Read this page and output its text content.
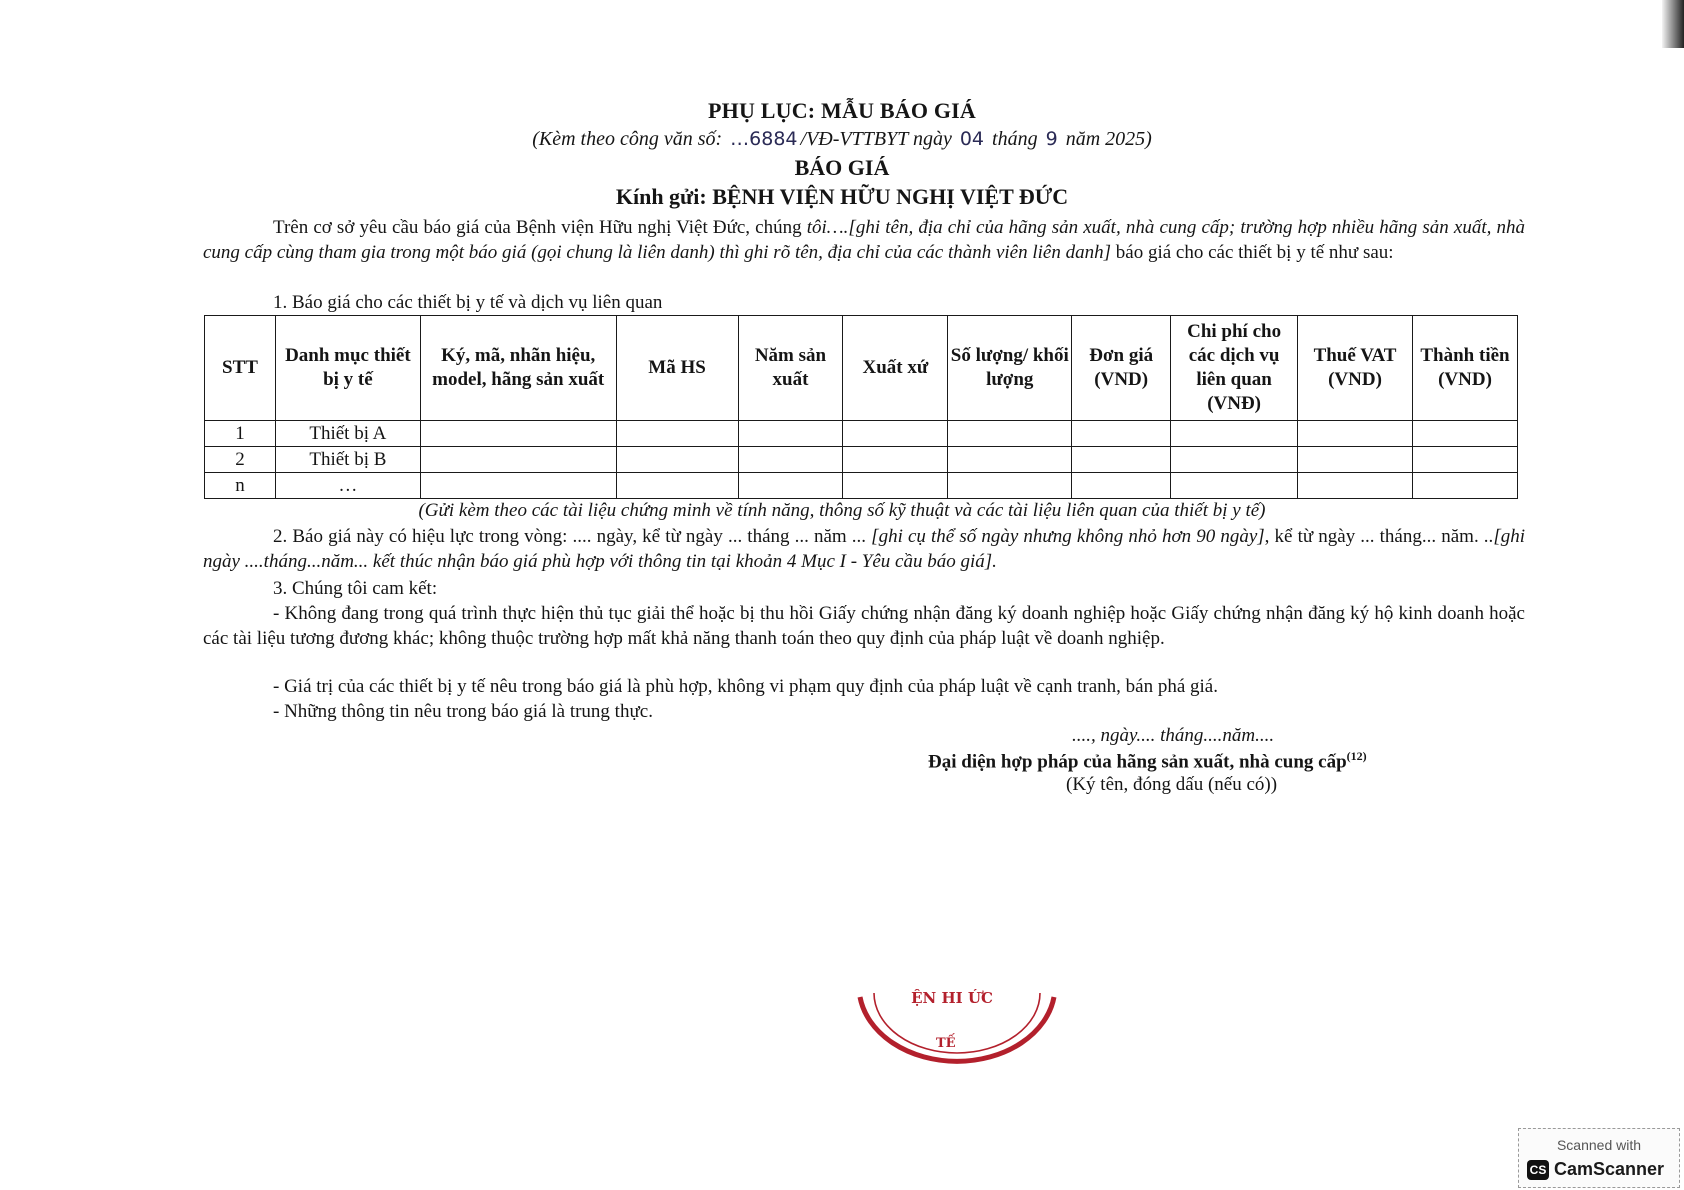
PHỤ LỤC: MẪU BÁO GIÁ
(Kèm theo công văn số: …6884 /VĐ-VTTBYT ngày 04 tháng 9 năm 2025)
BÁO GIÁ
Kính gửi: BỆNH VIỆN HỮU NGHỊ VIỆT ĐỨC
Trên cơ sở yêu cầu báo giá của Bệnh viện Hữu nghị Việt Đức, chúng tôi….[ghi tên, địa chỉ của hãng sản xuất, nhà cung cấp; trường hợp nhiều hãng sản xuất, nhà cung cấp cùng tham gia trong một báo giá (gọi chung là liên danh) thì ghi rõ tên, địa chỉ của các thành viên liên danh] báo giá cho các thiết bị y tế như sau:
1. Báo giá cho các thiết bị y tế và dịch vụ liên quan
STT	Danh mục thiết bị y tế	Ký, mã, nhãn hiệu, model, hãng sản xuất	Mã HS	Năm sản xuất	Xuất xứ	Số lượng/ khối lượng	Đơn giá (VND)	Chi phí cho các dịch vụ liên quan (VNĐ)	Thuế VAT (VND)	Thành tiền (VND)
1	Thiết bị A									
2	Thiết bị B									
n	…									
(Gửi kèm theo các tài liệu chứng minh về tính năng, thông số kỹ thuật và các tài liệu liên quan của thiết bị y tế)
2. Báo giá này có hiệu lực trong vòng: .... ngày, kể từ ngày ... tháng ... năm ... [ghi cụ thể số ngày nhưng không nhỏ hơn 90 ngày], kể từ ngày ... tháng... năm. ..[ghi ngày ....tháng...năm... kết thúc nhận báo giá phù hợp với thông tin tại khoản 4 Mục I - Yêu cầu báo giá].
3. Chúng tôi cam kết:
- Không đang trong quá trình thực hiện thủ tục giải thể hoặc bị thu hồi Giấy chứng nhận đăng ký doanh nghiệp hoặc Giấy chứng nhận đăng ký hộ kinh doanh hoặc các tài liệu tương đương khác; không thuộc trường hợp mất khả năng thanh toán theo quy định của pháp luật về doanh nghiệp.
- Giá trị của các thiết bị y tế nêu trong báo giá là phù hợp, không vi phạm quy định của pháp luật về cạnh tranh, bán phá giá.
- Những thông tin nêu trong báo giá là trung thực.
...., ngày.... tháng....năm....
Đại diện hợp pháp của hãng sản xuất, nhà cung cấp$^{(12)}$
(Ký tên, đóng dấu (nếu có))
ỆN HI ỨC
TẾ
Scanned with
CS CamScanner
